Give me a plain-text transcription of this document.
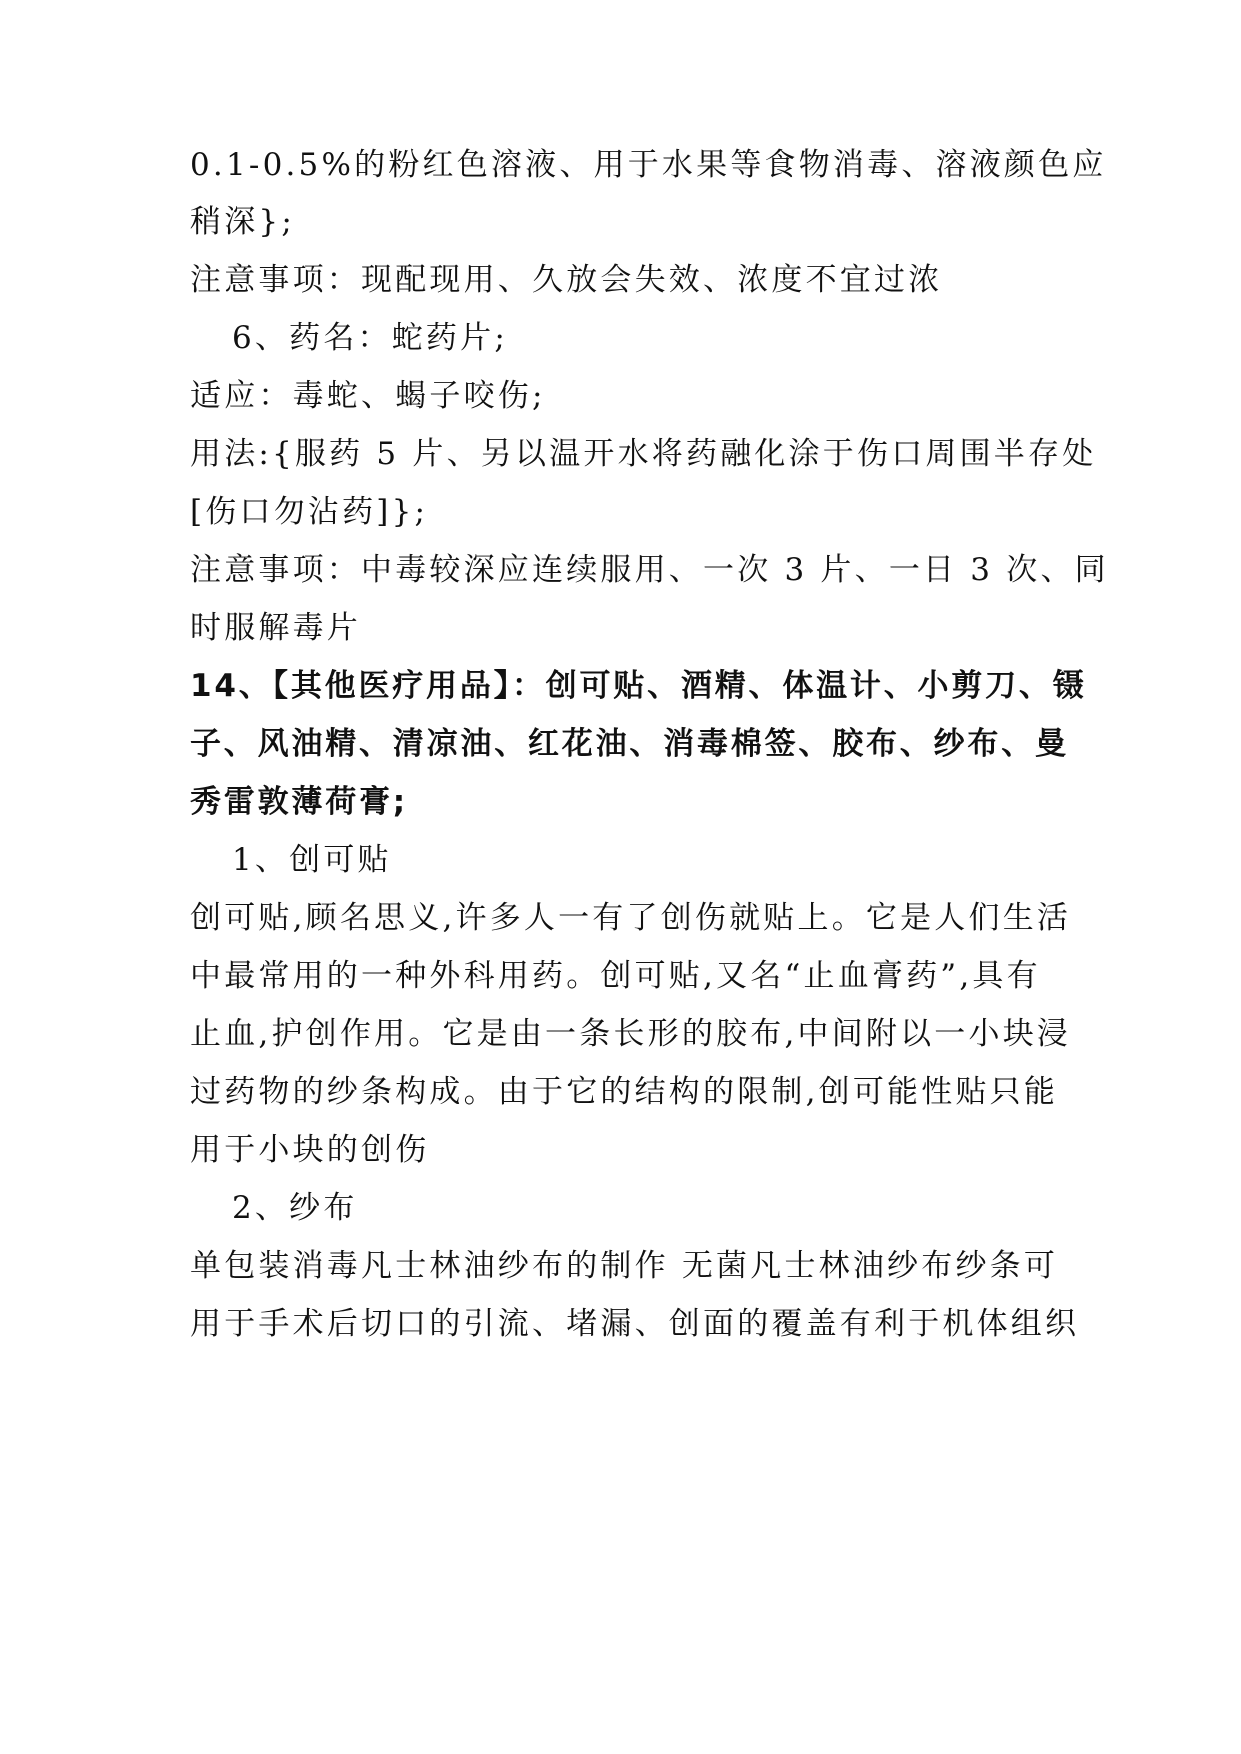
0.1-0.5%的粉红色溶液、用于水果等食物消毒、溶液颜色应
稍深};
注意事项：现配现用、久放会失效、浓度不宜过浓
6、药名：蛇药片;
适应：毒蛇、蝎子咬伤;
用法:{服药 5 片、另以温开水将药融化涂于伤口周围半存处
[伤口勿沾药]};
注意事项：中毒较深应连续服用、一次 3 片、一日 3 次、同
时服解毒片
14、【其他医疗用品】：创可贴、酒精、体温计、小剪刀、镊
子、风油精、清凉油、红花油、消毒棉签、胶布、纱布、曼
秀雷敦薄荷膏;
1、创可贴
创可贴,顾名思义,许多人一有了创伤就贴上。它是人们生活
中最常用的一种外科用药。创可贴,又名“止血膏药”,具有
止血,护创作用。它是由一条长形的胶布,中间附以一小块浸
过药物的纱条构成。由于它的结构的限制,创可能性贴只能
用于小块的创伤
2、纱布
单包装消毒凡士林油纱布的制作 无菌凡士林油纱布纱条可
用于手术后切口的引流、堵漏、创面的覆盖有利于机体组织
